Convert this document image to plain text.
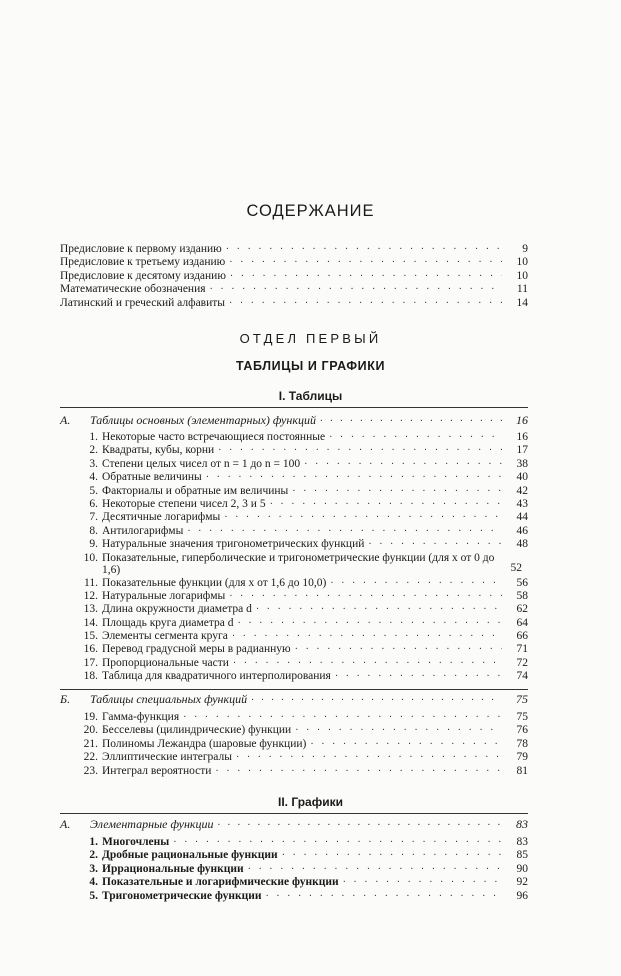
СОДЕРЖАНИЕ
Предисловие к первому изданию · · ·	9
Предисловие к третьему изданию · · ·	10
Предисловие к десятому изданию · · ·	10
Математические обозначения · · ·	11
Латинский и греческий алфавиты · · ·	14
ОТДЕЛ ПЕРВЫЙ
ТАБЛИЦЫ И ГРАФИКИ
I. Таблицы
А.	Таблицы основных (элементарных) функций · · ·	16
1. Некоторые часто встречающиеся постоянные · · ·	16
2. Квадраты, кубы, корни · · ·	17
3. Степени целых чисел от n = 1 до n = 100 · · ·	38
4. Обратные величины · · ·	40
5. Факториалы и обратные им величины · · ·	42
6. Некоторые степени чисел 2, 3 и 5 · · ·	43
7. Десятичные логарифмы · · ·	44
8. Антилогарифмы · · ·	46
9. Натуральные значения тригонометрических функций · · ·	48
10. Показательные, гиперболические и тригонометрические функции (для x от 0 до 1,6)	52
11. Показательные функции (для x от 1,6 до 10,0) · · ·	56
12. Натуральные логарифмы · · ·	58
13. Длина окружности диаметра d · · ·	62
14. Площадь круга диаметра d · · ·	64
15. Элементы сегмента круга · · ·	66
16. Перевод градусной меры в радианную · · ·	71
17. Пропорциональные части · · ·	72
18. Таблица для квадратичного интерполирования · · ·	74
Б.	Таблицы специальных функций · · ·	75
19. Гамма-функция · · ·	75
20. Бесселевы (цилиндрические) функции · · ·	76
21. Полиномы Лежандра (шаровые функции) · · ·	78
22. Эллиптические интегралы · · ·	79
23. Интеграл вероятности · · ·	81
II. Графики
А.	Элементарные функции · · ·	83
1. Многочлены · · ·	83
2. Дробные рациональные функции · · ·	85
3. Иррациональные функции · · ·	90
4. Показательные и логарифмические функции · · ·	92
5. Тригонометрические функции · · ·	96
